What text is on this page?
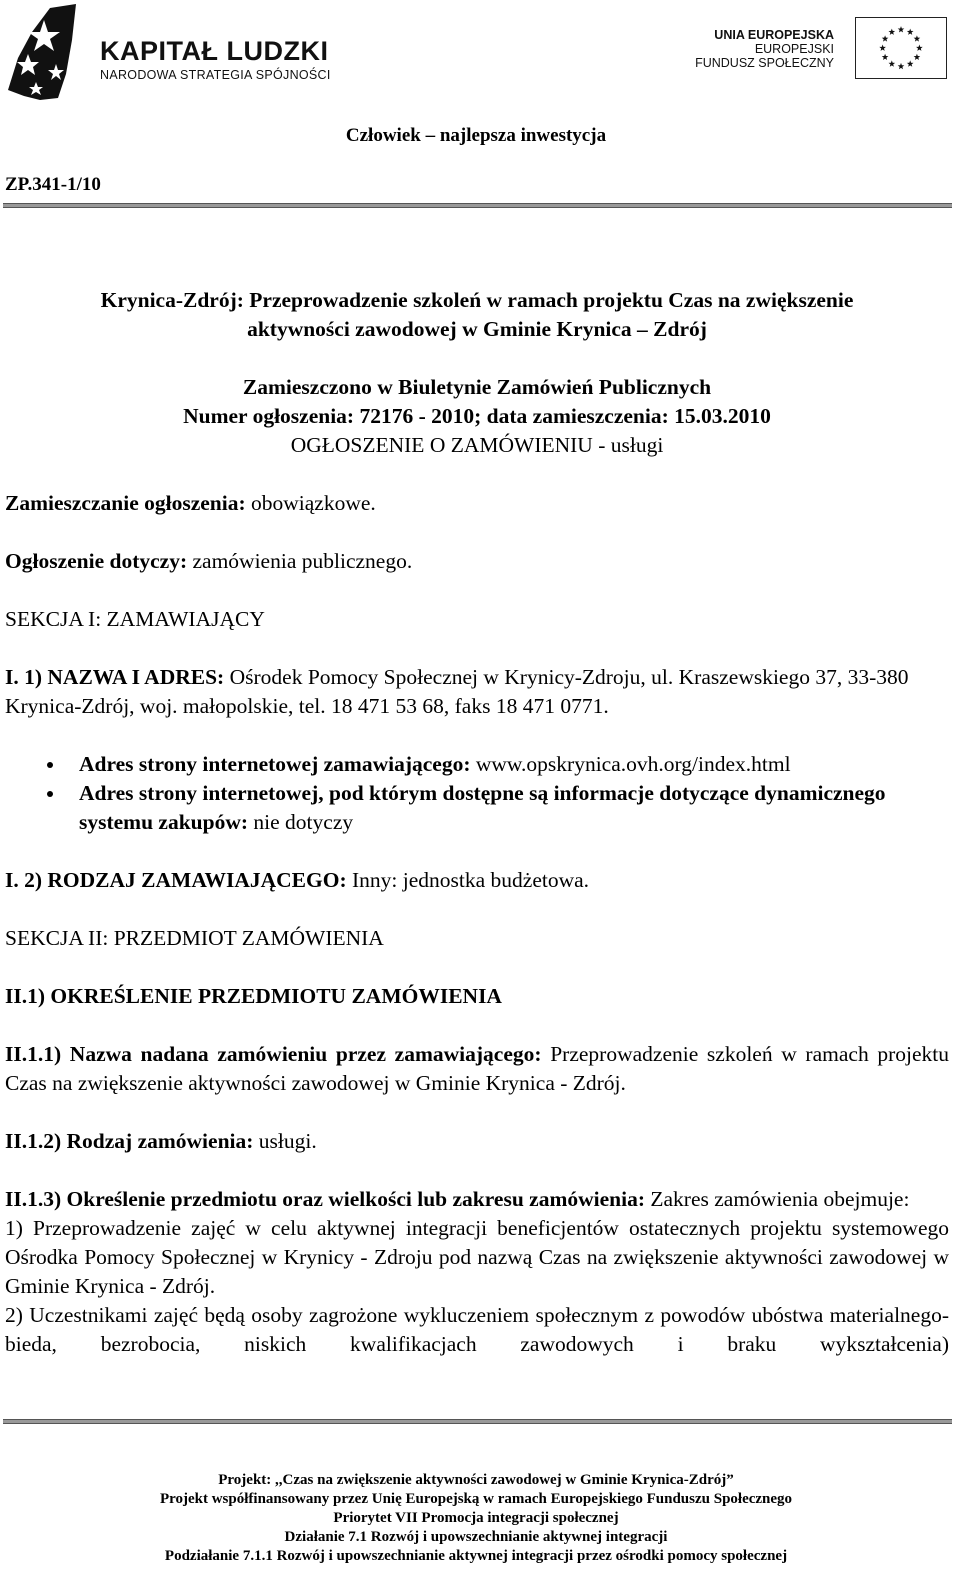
KAPITAŁ LUDZKI
NARODOWA STRATEGIA SPÓJNOŚCI
UNIA EUROPEJSKA
EUROPEJSKI
FUNDUSZ SPOŁECZNY
Człowiek – najlepsza inwestycja
ZP.341-1/10
Krynica-Zdrój: Przeprowadzenie szkoleń w ramach projektu Czas na zwiększenie
aktywności zawodowej w Gminie Krynica – Zdrój
Zamieszczono w Biuletynie Zamówień Publicznych
Numer ogłoszenia: 72176 - 2010; data zamieszczenia: 15.03.2010
OGŁOSZENIE O ZAMÓWIENIU - usługi

Zamieszczanie ogłoszenia: obowiązkowe.

Ogłoszenie dotyczy: zamówienia publicznego.

SEKCJA I: ZAMAWIAJĄCY

I. 1) NAZWA I ADRES: Ośrodek Pomocy Społecznej w Krynicy-Zdroju, ul. Kraszewskiego 37, 33-380 Krynica-Zdrój, woj. małopolskie, tel. 18 471 53 68, faks 18 471 0771.

Adres strony internetowej zamawiającego: www.opskrynica.ovh.org/index.html
Adres strony internetowej, pod którym dostępne są informacje dotyczące dynamicznego systemu zakupów: nie dotyczy

I. 2) RODZAJ ZAMAWIAJĄCEGO: Inny: jednostka budżetowa.

SEKCJA II: PRZEDMIOT ZAMÓWIENIA

II.1) OKREŚLENIE PRZEDMIOTU ZAMÓWIENIA

II.1.1) Nazwa nadana zamówieniu przez zamawiającego: Przeprowadzenie szkoleń w ramach projektu Czas na zwiększenie aktywności zawodowej w Gminie Krynica - Zdrój.

II.1.2) Rodzaj zamówienia: usługi.

II.1.3) Określenie przedmiotu oraz wielkości lub zakresu zamówienia: Zakres zamówienia obejmuje:

1) Przeprowadzenie zajęć w celu aktywnej integracji beneficjentów ostatecznych projektu systemowego Ośrodka Pomocy Społecznej w Krynicy - Zdroju pod nazwą Czas na zwiększenie aktywności zawodowej w Gminie Krynica - Zdrój.

2) Uczestnikami zajęć będą osoby zagrożone wykluczeniem społecznym z powodów ubóstwa materialnego-bieda, bezrobocia, niskich kwalifikacjach zawodowych i braku wykształcenia)

Projekt: ,,Czas na zwiększenie aktywności zawodowej w Gminie Krynica-Zdrój”
Projekt współfinansowany przez Unię Europejską w ramach Europejskiego Funduszu Społecznego
Priorytet VII Promocja integracji społecznej
Działanie 7.1 Rozwój i upowszechnianie aktywnej integracji
Podziałanie 7.1.1 Rozwój i upowszechnianie aktywnej integracji przez ośrodki pomocy społecznej
